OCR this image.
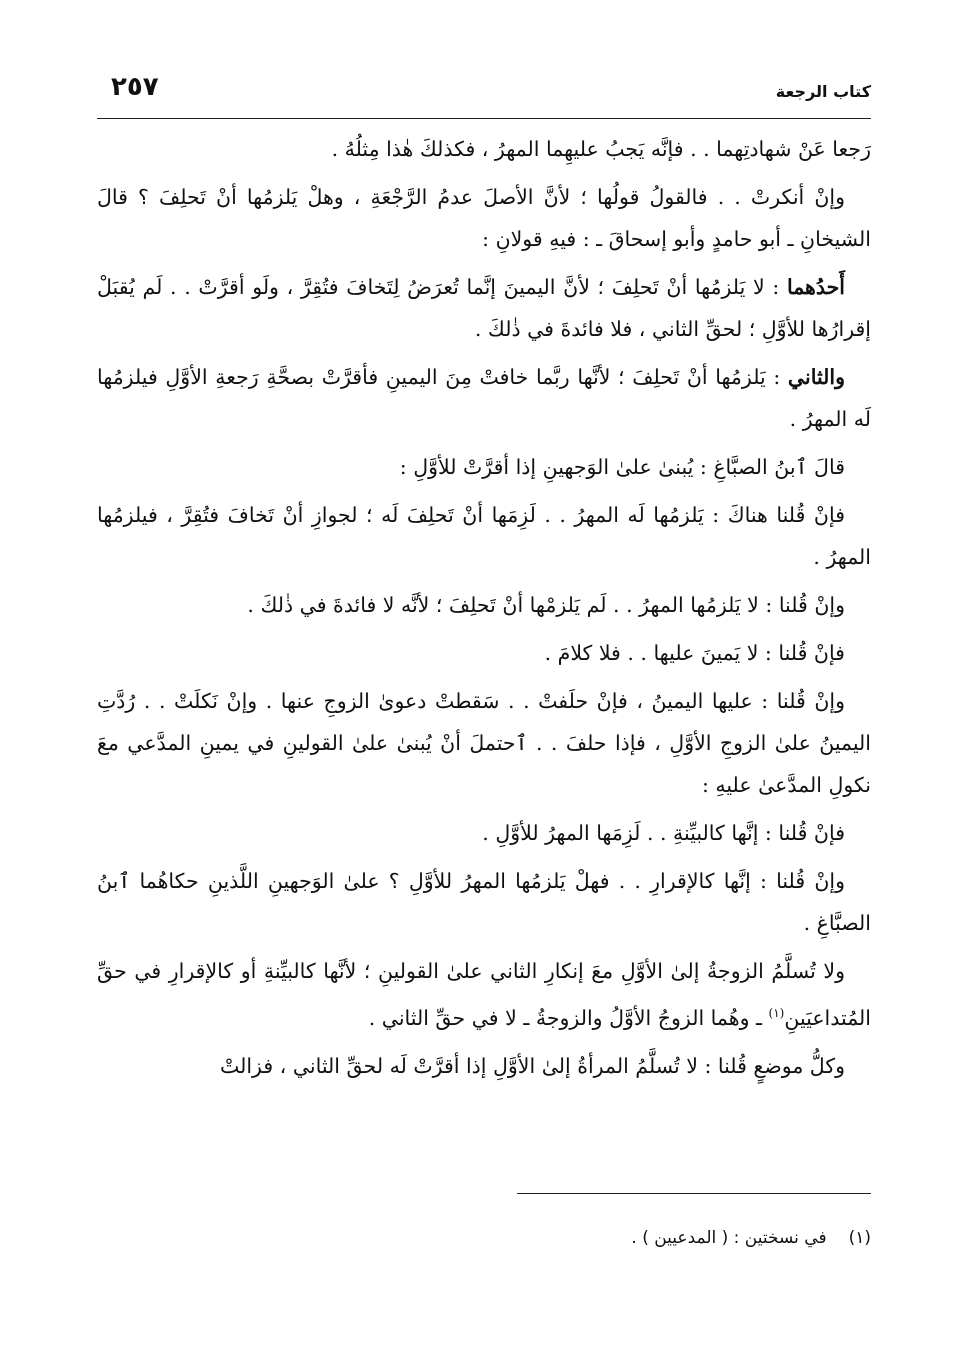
كتاب الرجعة
٢٥٧

رَجعا عَنْ شهادتِهما . . فإنَّه يَجبُ عليهِما المهرُ ، فكذلكَ هٰذا مِثلُهُ .

وإنْ أنكرتْ . . فالقولُ قولُها ؛ لأنَّ الأصلَ عدمُ الرَّجْعَةِ ، وهلْ يَلزمُها أنْ تَحلِفَ ؟ قالَ الشيخانِ ـ أبو حامدٍ وأبو إسحاقَ ـ : فيهِ قولانِ :

أَحدُهما : لا يَلزمُها أنْ تَحلِفَ ؛ لأنَّ اليمينَ إنَّما تُعرَضُ لِتَخافَ فتُقِرَّ ، ولَو أقرَّتْ . . لَم يُقبَلْ إقرارُها للأوَّلِ ؛ لحقِّ الثاني ، فلا فائدةَ في ذٰلكَ .

والثاني : يَلزمُها أنْ تَحلِفَ ؛ لأنَّها ربَّما خافتْ مِنَ اليمينِ فأقرَّتْ بصحَّةِ رَجعةِ الأوَّلِ فيلزمُها لَه المهرُ .

قالَ ٱبنُ الصبَّاغِ : يُبنىٰ علىٰ الوَجهينِ إذا أقرَّتْ للأوَّلِ :

فإنْ قُلنا هناكَ : يَلزمُها لَه المهرُ . . لَزِمَها أنْ تَحلِفَ لَه ؛ لجوازِ أنْ تَخافَ فتُقِرَّ ، فيلزمُها المهرُ .

وإنْ قُلنا : لا يَلزمُها المهرُ . . لَم يَلزمْها أنْ تَحلِفَ ؛ لأنَّه لا فائدةَ في ذٰلكَ .

فإنْ قُلنا : لا يَمينَ عليها . . فلا كلامَ .

وإنْ قُلنا : عليها اليمينُ ، فإنْ حلَفتْ . . سَقطتْ دعوىٰ الزوجِ عنها . وإنْ نَكلَتْ . . رُدَّتِ اليمينُ علىٰ الزوجِ الأوَّلِ ، فإذا حلفَ . . ٱحتملَ أنْ يُبنىٰ علىٰ القولينِ في يمينِ المدَّعي معَ نكولِ المدَّعىٰ عليهِ :

فإنْ قُلنا : إنَّها كالبيِّنةِ . . لَزِمَها المهرُ للأوَّلِ .

وإنْ قُلنا : إنَّها كالإقرارِ . . فهلْ يَلزمُها المهرُ للأوَّلِ ؟ علىٰ الوَجهينِ اللَّذينِ حكاهُما ٱبنُ الصبَّاغِ .

ولا تُسلَّمُ الزوجةُ إلىٰ الأوَّلِ معَ إنكارِ الثاني علىٰ القولينِ ؛ لأنَّها كالبيِّنةِ أو كالإقرارِ في حقِّ المُتداعيَينِ$^{(١)}$ ـ وهُما الزوجُ الأوَّلُ والزوجةُ ـ لا في حقِّ الثاني .

وكلُّ موضعٍ قُلنا : لا تُسلَّمُ المرأةُ إلىٰ الأوَّلِ إذا أقرَّتْ لَه لحقِّ الثاني ، فزالتْ

(١)في نسختين : ( المدعيين ) .
